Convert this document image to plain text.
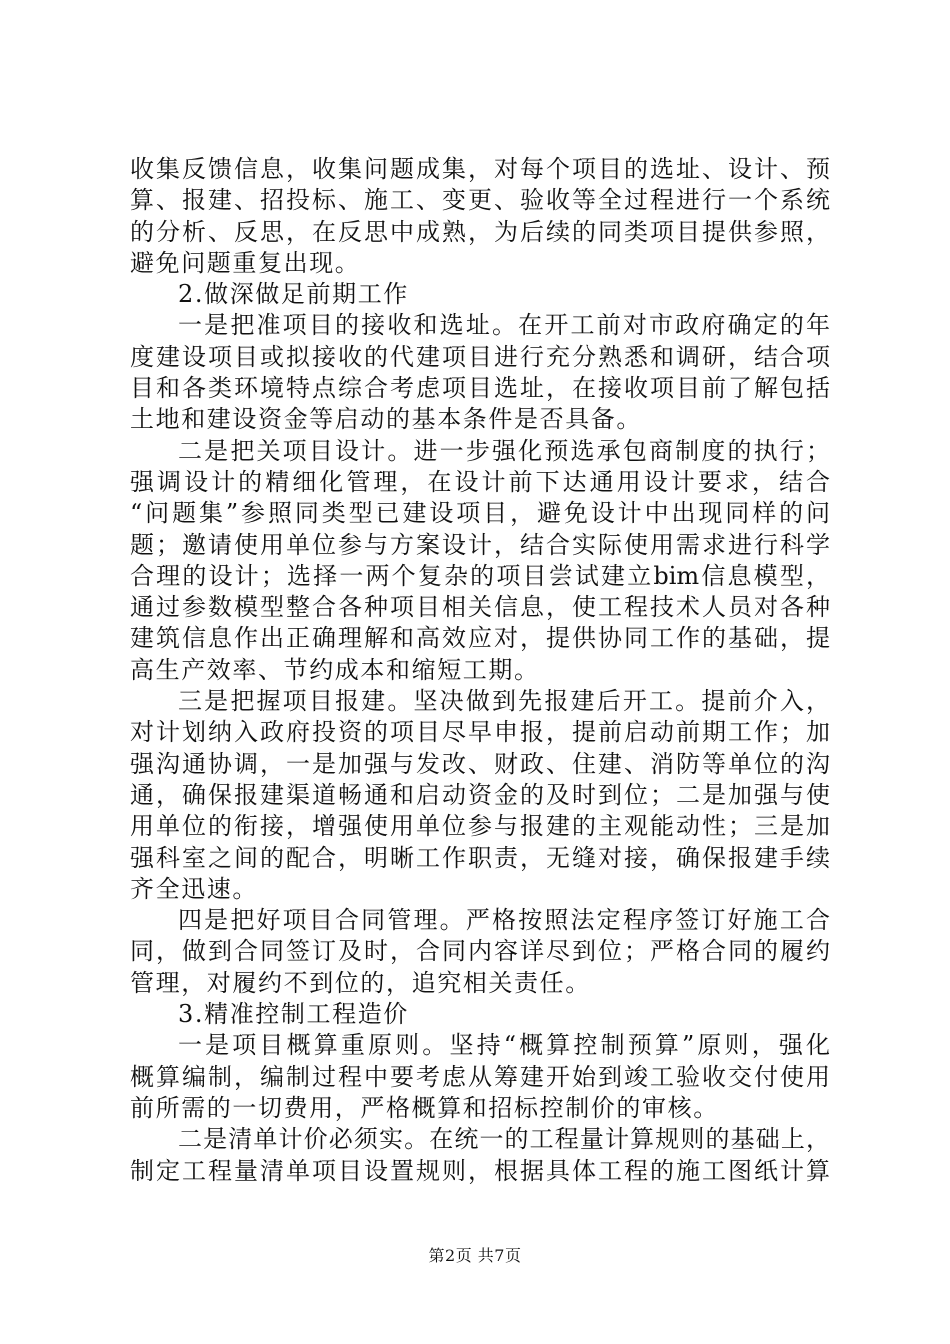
收集反馈信息，收集问题成集，对每个项目的选址、设计、预
算、报建、招投标、施工、变更、验收等全过程进行一个系统
的分析、反思，在反思中成熟，为后续的同类项目提供参照，
避免问题重复出现。
2.做深做足前期工作
一是把准项目的接收和选址。在开工前对市政府确定的年
度建设项目或拟接收的代建项目进行充分熟悉和调研，结合项
目和各类环境特点综合考虑项目选址，在接收项目前了解包括
土地和建设资金等启动的基本条件是否具备。
二是把关项目设计。进一步强化预选承包商制度的执行；
强调设计的精细化管理，在设计前下达通用设计要求，结合
“问题集”参照同类型已建设项目，避免设计中出现同样的问
题；邀请使用单位参与方案设计，结合实际使用需求进行科学
合理的设计；选择一两个复杂的项目尝试建立bim信息模型，
通过参数模型整合各种项目相关信息，使工程技术人员对各种
建筑信息作出正确理解和高效应对，提供协同工作的基础，提
高生产效率、节约成本和缩短工期。
三是把握项目报建。坚决做到先报建后开工。提前介入，
对计划纳入政府投资的项目尽早申报，提前启动前期工作；加
强沟通协调，一是加强与发改、财政、住建、消防等单位的沟
通，确保报建渠道畅通和启动资金的及时到位；二是加强与使
用单位的衔接，增强使用单位参与报建的主观能动性；三是加
强科室之间的配合，明晰工作职责，无缝对接，确保报建手续
齐全迅速。
四是把好项目合同管理。严格按照法定程序签订好施工合
同，做到合同签订及时，合同内容详尽到位；严格合同的履约
管理，对履约不到位的，追究相关责任。
3.精准控制工程造价
一是项目概算重原则。坚持“概算控制预算”原则，强化
概算编制，编制过程中要考虑从筹建开始到竣工验收交付使用
前所需的一切费用，严格概算和招标控制价的审核。
二是清单计价必须实。在统一的工程量计算规则的基础上，
制定工程量清单项目设置规则，根据具体工程的施工图纸计算
第2页 共7页
